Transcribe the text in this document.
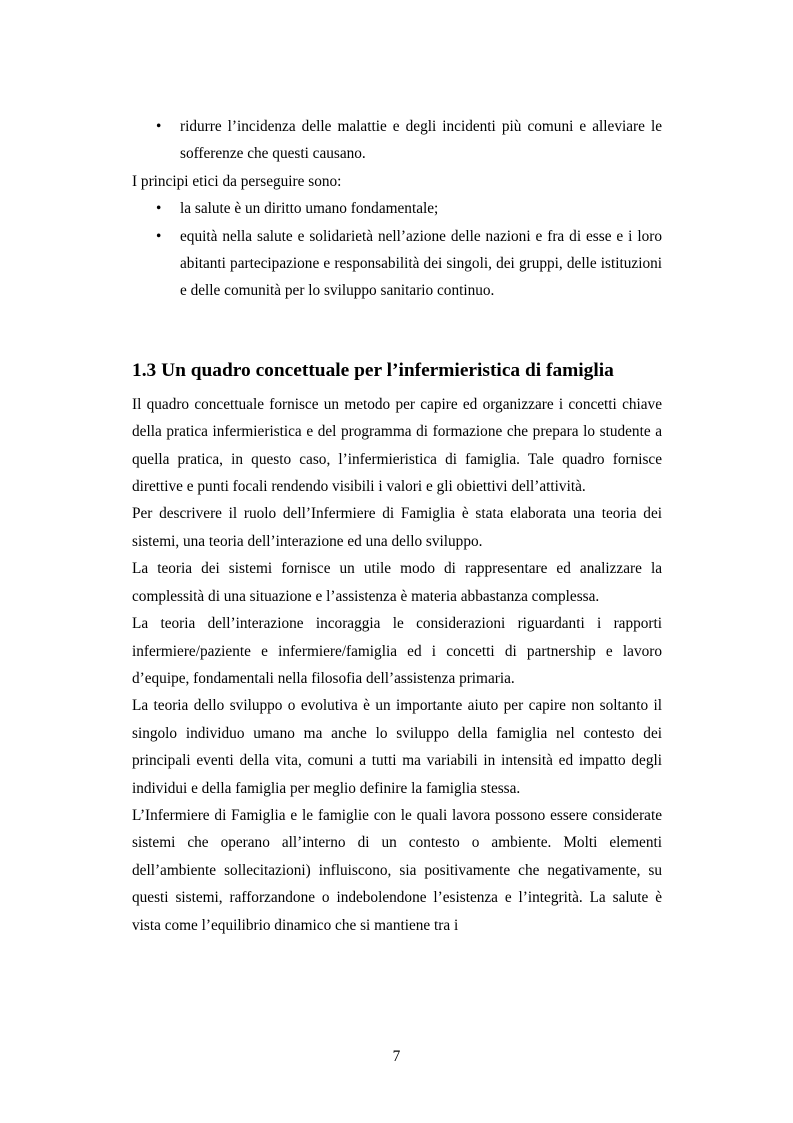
• ridurre l’incidenza delle malattie e degli incidenti più comuni e alleviare le sofferenze che questi causano.

I principi etici da perseguire sono:

• la salute è un diritto umano fondamentale;
• equità nella salute e solidarietà nell’azione delle nazioni e fra di esse e i loro abitanti partecipazione e responsabilità dei singoli, dei gruppi, delle istituzioni e delle comunità per lo sviluppo sanitario continuo.
1.3 Un quadro concettuale per l’infermieristica di famiglia

Il quadro concettuale fornisce un metodo per capire ed organizzare i concetti chiave della pratica infermieristica e del programma di formazione che prepara lo studente a quella pratica, in questo caso, l’infermieristica di famiglia. Tale quadro fornisce direttive e punti focali rendendo visibili i valori e gli obiettivi dell’attività.

Per descrivere il ruolo dell’Infermiere di Famiglia è stata elaborata una teoria dei sistemi, una teoria dell’interazione ed una dello sviluppo.

La teoria dei sistemi fornisce un utile modo di rappresentare ed analizzare la complessità di una situazione e l’assistenza è materia abbastanza complessa.

La teoria dell’interazione incoraggia le considerazioni riguardanti i rapporti infermiere/paziente e infermiere/famiglia ed i concetti di partnership e lavoro d’equipe, fondamentali nella filosofia dell’assistenza primaria.

La teoria dello sviluppo o evolutiva è un importante aiuto per capire non soltanto il singolo individuo umano ma anche lo sviluppo della famiglia nel contesto dei principali eventi della vita, comuni a tutti ma variabili in intensità ed impatto degli individui e della famiglia per meglio definire la famiglia stessa.

L’Infermiere di Famiglia e le famiglie con le quali lavora possono essere considerate sistemi che operano all’interno di un contesto o ambiente. Molti elementi dell’ambiente sollecitazioni) influiscono, sia positivamente che negativamente, su questi sistemi, rafforzandone o indebolendone l’esistenza e l’integrità. La salute è vista come l’equilibrio dinamico che si mantiene tra i

7
